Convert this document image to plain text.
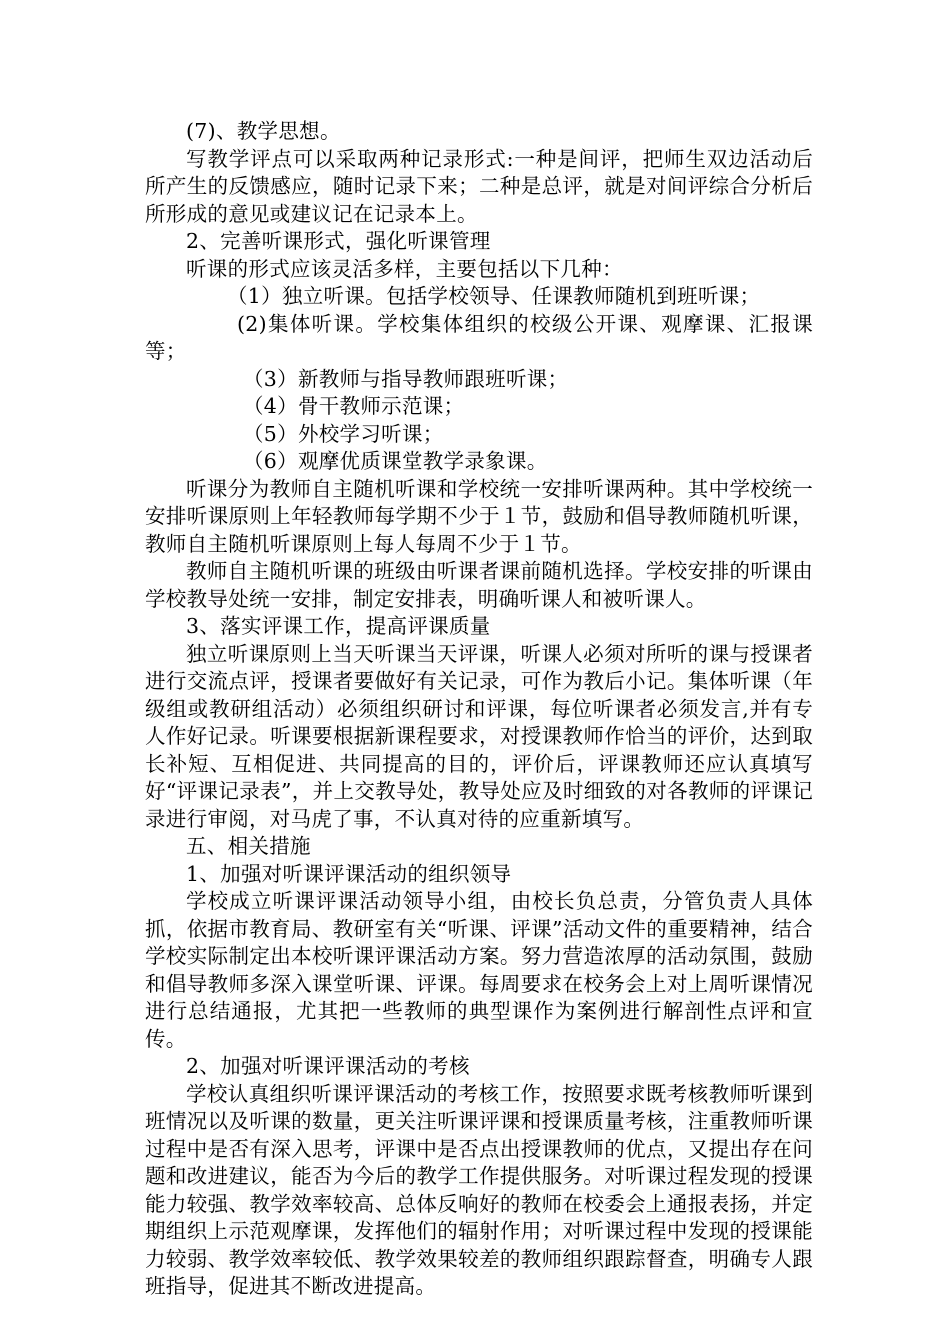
(7)、教学思想。

写教学评点可以采取两种记录形式:一种是间评，把师生双边活动后所产生的反馈感应，随时记录下来；二种是总评，就是对间评综合分析后所形成的意见或建议记在记录本上。

2、完善听课形式，强化听课管理

听课的形式应该灵活多样，主要包括以下几种：

（1）独立听课。包括学校领导、任课教师随机到班听课；

(2)集体听课。学校集体组织的校级公开课、观摩课、汇报课等；

（3）新教师与指导教师跟班听课；

（4）骨干教师示范课；

（5）外校学习听课；

（6）观摩优质课堂教学录象课。

听课分为教师自主随机听课和学校统一安排听课两种。其中学校统一安排听课原则上年轻教师每学期不少于１节，鼓励和倡导教师随机听课，教师自主随机听课原则上每人每周不少于１节。

教师自主随机听课的班级由听课者课前随机选择。学校安排的听课由学校教导处统一安排，制定安排表，明确听课人和被听课人。

3、落实评课工作，提高评课质量

独立听课原则上当天听课当天评课，听课人必须对所听的课与授课者进行交流点评，授课者要做好有关记录，可作为教后小记。集体听课（年级组或教研组活动）必须组织研讨和评课，每位听课者必须发言,并有专人作好记录。听课要根据新课程要求，对授课教师作恰当的评价，达到取长补短、互相促进、共同提高的目的，评价后，评课教师还应认真填写好“评课记录表”，并上交教导处，教导处应及时细致的对各教师的评课记录进行审阅，对马虎了事，不认真对待的应重新填写。

五、相关措施

1、加强对听课评课活动的组织领导

学校成立听课评课活动领导小组，由校长负总责，分管负责人具体抓，依据市教育局、教研室有关“听课、评课”活动文件的重要精神，结合学校实际制定出本校听课评课活动方案。努力营造浓厚的活动氛围，鼓励和倡导教师多深入课堂听课、评课。每周要求在校务会上对上周听课情况进行总结通报，尤其把一些教师的典型课作为案例进行解剖性点评和宣传。

2、加强对听课评课活动的考核

学校认真组织听课评课活动的考核工作，按照要求既考核教师听课到班情况以及听课的数量，更关注听课评课和授课质量考核，注重教师听课过程中是否有深入思考，评课中是否点出授课教师的优点，又提出存在问题和改进建议，能否为今后的教学工作提供服务。对听课过程发现的授课能力较强、教学效率较高、总体反响好的教师在校委会上通报表扬，并定期组织上示范观摩课，发挥他们的辐射作用；对听课过程中发现的授课能力较弱、教学效率较低、教学效果较差的教师组织跟踪督查，明确专人跟班指导，促进其不断改进提高。
